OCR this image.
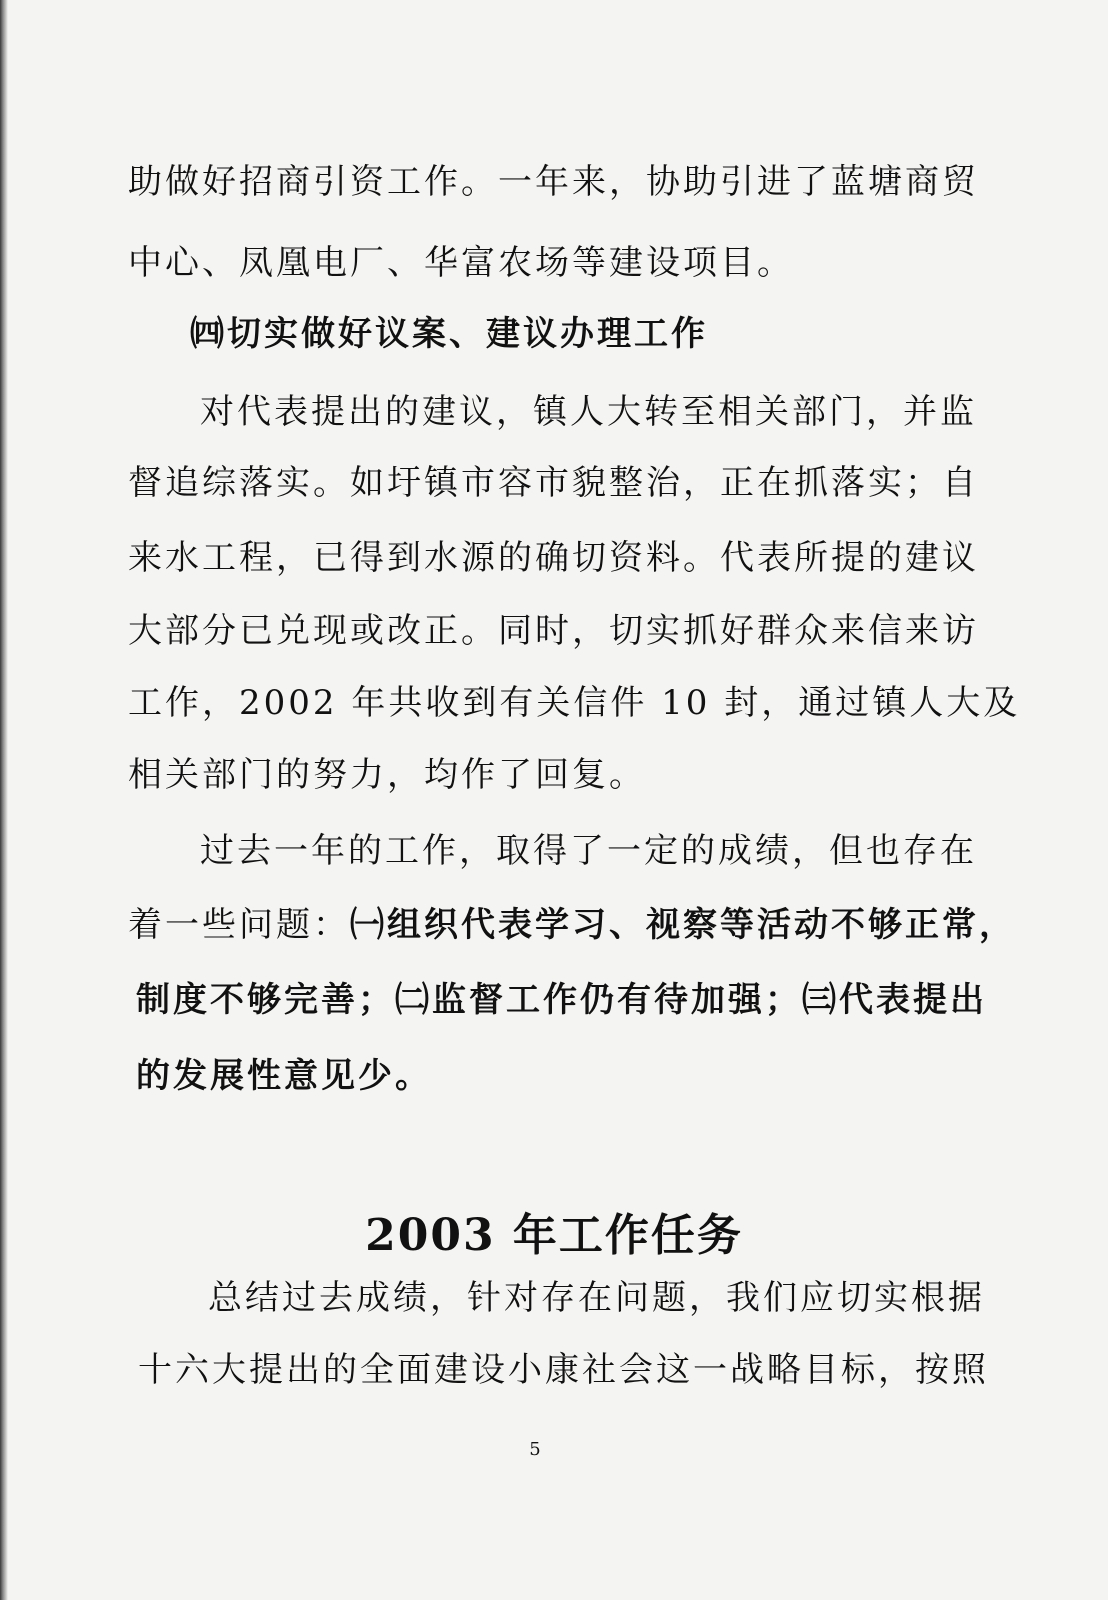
助做好招商引资工作。一年来，协助引进了蓝塘商贸
中心、凤凰电厂、华富农场等建设项目。
㈣切实做好议案、建议办理工作
对代表提出的建议，镇人大转至相关部门，并监
督追综落实。如圩镇市容市貌整治，正在抓落实；自
来水工程，已得到水源的确切资料。代表所提的建议
大部分已兑现或改正。同时，切实抓好群众来信来访
工作，2002 年共收到有关信件 10 封，通过镇人大及
相关部门的努力，均作了回复。
过去一年的工作，取得了一定的成绩，但也存在
着一些问题：㈠组织代表学习、视察等活动不够正常，
制度不够完善；㈡监督工作仍有待加强；㈢代表提出
的发展性意见少。
2003 年工作任务
总结过去成绩，针对存在问题，我们应切实根据
十六大提出的全面建设小康社会这一战略目标，按照
5
